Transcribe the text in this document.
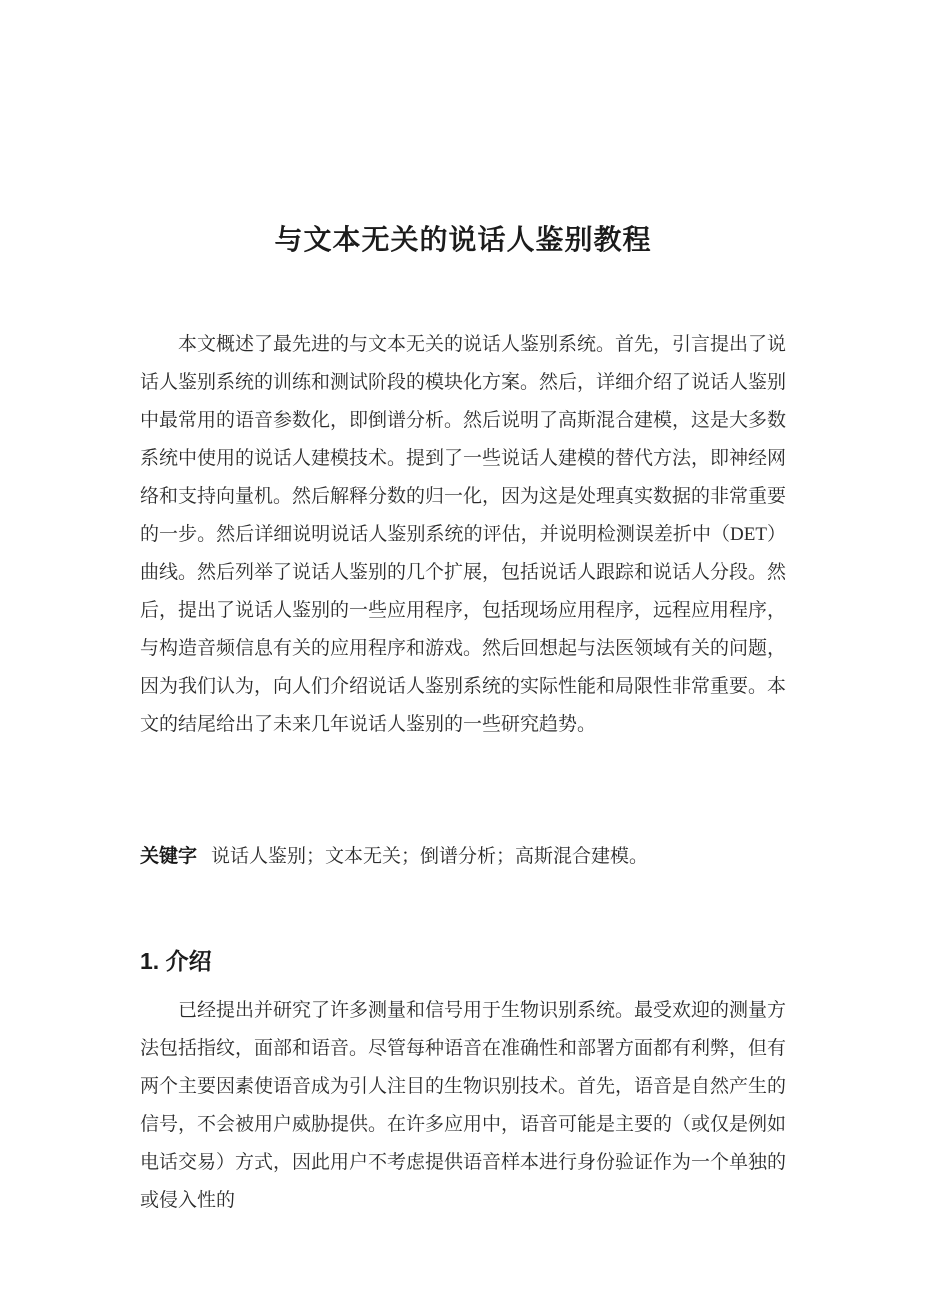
与文本无关的说话人鉴别教程

本文概述了最先进的与文本无关的说话人鉴别系统。首先，引言提出了说话人鉴别系统的训练和测试阶段的模块化方案。然后，详细介绍了说话人鉴别中最常用的语音参数化，即倒谱分析。然后说明了高斯混合建模，这是大多数系统中使用的说话人建模技术。提到了一些说话人建模的替代方法，即神经网络和支持向量机。然后解释分数的归一化，因为这是处理真实数据的非常重要的一步。然后详细说明说话人鉴别系统的评估，并说明检测误差折中（DET）曲线。然后列举了说话人鉴别的几个扩展，包括说话人跟踪和说话人分段。然后，提出了说话人鉴别的一些应用程序，包括现场应用程序，远程应用程序，与构造音频信息有关的应用程序和游戏。然后回想起与法医领域有关的问题，因为我们认为，向人们介绍说话人鉴别系统的实际性能和局限性非常重要。本文的结尾给出了未来几年说话人鉴别的一些研究趋势。

关键字 说话人鉴别；文本无关；倒谱分析；高斯混合建模。

1. 介绍

已经提出并研究了许多测量和信号用于生物识别系统。最受欢迎的测量方法包括指纹，面部和语音。尽管每种语音在准确性和部署方面都有利弊，但有两个主要因素使语音成为引人注目的生物识别技术。首先，语音是自然产生的信号，不会被用户威胁提供。在许多应用中，语音可能是主要的（或仅是例如电话交易）方式，因此用户不考虑提供语音样本进行身份验证作为一个单独的或侵入性的
